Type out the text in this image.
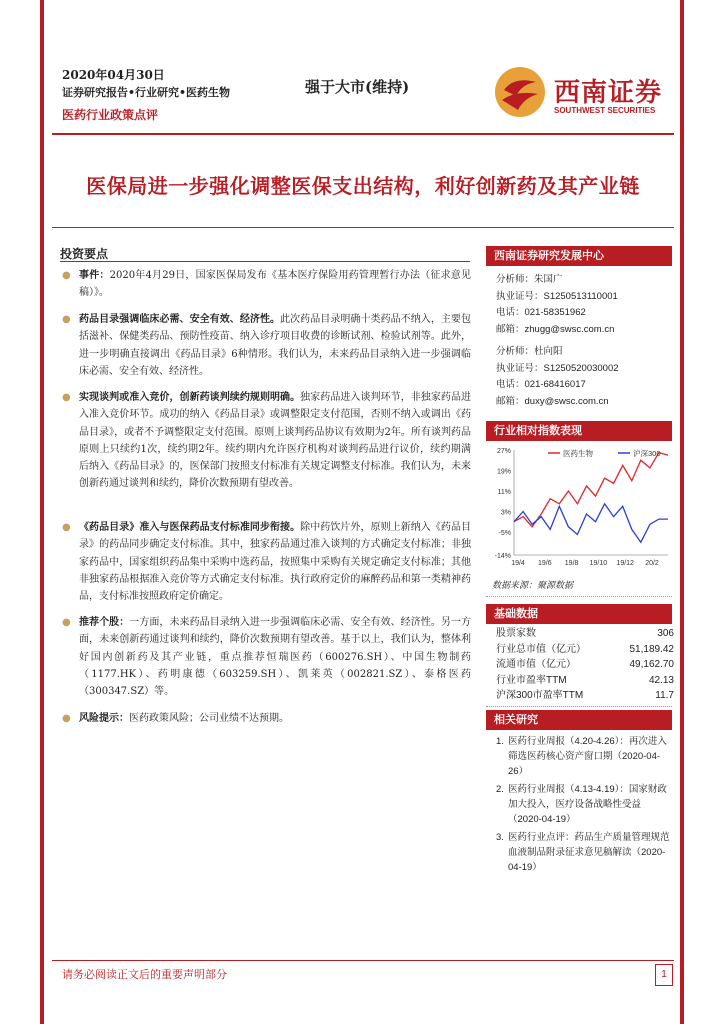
2020年04月30日
证券研究报告•行业研究•医药生物
医药行业政策点评
强于大市(维持)	西南证券
SOUTHWEST SECURITIES
医保局进一步强化调整医保支出结构，利好创新药及其产业链
投资要点
● 事件：2020年4月29日，国家医保局发布《基本医疗保险用药管理暂行办法（征求意见稿）》。
● 药品目录强调临床必需、安全有效、经济性。此次药品目录明确十类药品不纳入，主要包括滋补、保健类药品、预防性疫苗、纳入诊疗项目收费的诊断试剂、检验试剂等。此外，进一步明确直接调出《药品目录》6种情形。我们认为，未来药品目录纳入进一步强调临床必需、安全有效、经济性。
● 实现谈判或准入竞价，创新药谈判续约规则明确。独家药品进入谈判环节，非独家药品进入准入竞价环节。成功的纳入《药品目录》或调整限定支付范围，否则不纳入或调出《药品目录》，或者不予调整限定支付范围。原则上谈判药品协议有效期为2年。所有谈判药品原则上只续约1次，续约期2年。续约期内允许医疗机构对谈判药品进行议价，续约期满后纳入《药品目录》的，医保部门按照支付标准有关规定调整支付标准。我们认为，未来创新药通过谈判和续约，降价次数预期有望改善。
● 《药品目录》准入与医保药品支付标准同步衔接。除中药饮片外，原则上新纳入《药品目录》的药品同步确定支付标准。其中，独家药品通过准入谈判的方式确定支付标准；非独家药品中，国家组织药品集中采购中选药品，按照集中采购有关规定确定支付标准；其他非独家药品根据准入竞价等方式确定支付标准。执行政府定价的麻醉药品和第一类精神药品，支付标准按照政府定价确定。
● 推荐个股：一方面，未来药品目录纳入进一步强调临床必需、安全有效、经济性。另一方面，未来创新药通过谈判和续约，降价次数预期有望改善。基于以上，我们认为，整体利好国内创新药及其产业链，重点推荐恒瑞医药（600276.SH）、中国生物制药（1177.HK）、药明康德（603259.SH）、凯莱英（002821.SZ）、泰格医药（300347.SZ）等。
● 风险提示：医药政策风险；公司业绩不达预期。
西南证券研究发展中心
分析师：朱国广
执业证号：S1250513110001
电话：021-58351962
邮箱：zhugg@swsc.com.cn
分析师：杜向阳
执业证号：S1250520030002
电话：021-68416017
邮箱：duxy@swsc.com.cn
行业相对指数表现
27%
19%
11%
3%
-5%
-14%
19/4 19/6 19/8 19/10 19/12 20/2
医药生物	沪深300
数据来源：聚源数据
基础数据
股票家数	306
行业总市值（亿元）	51,189.42
流通市值（亿元）	49,162.70
行业市盈率TTM	42.13
沪深300市盈率TTM	11.7
相关研究
1. 医药行业周报（4.20-4.26）：再次进入筛选医药核心资产窗口期（2020-04-26）
2. 医药行业周报（4.13-4.19）：国家财政加大投入，医疗设备战略性受益（2020-04-19）
3. 医药行业点评：药品生产质量管理规范血液制品附录征求意见稿解读（2020-04-19）
请务必阅读正文后的重要声明部分	1
